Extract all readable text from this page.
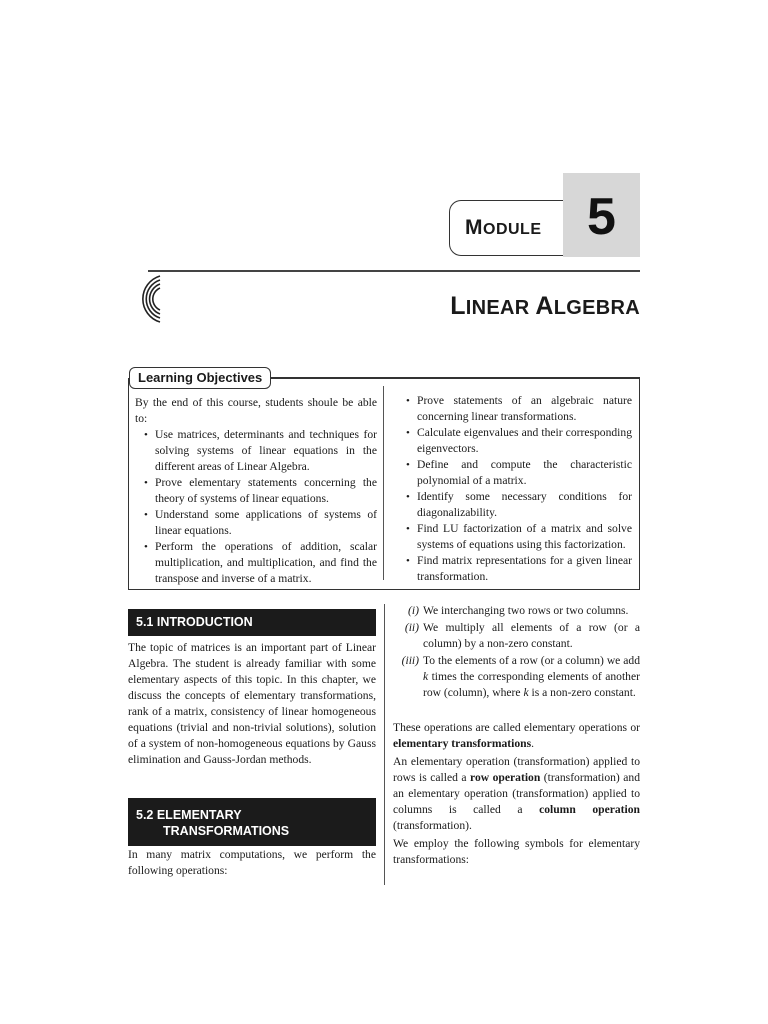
MODULE 5
LINEAR ALGEBRA
Learning Objectives

By the end of this course, students shoule be able to:

• Use matrices, determinants and techniques for solving systems of linear equations in the different areas of Linear Algebra.
• Prove elementary statements concerning the theory of systems of linear equations.
• Understand some applications of systems of linear equations.
• Perform the operations of addition, scalar multiplication, and multiplication, and find the transpose and inverse of a matrix.
• Prove statements of an algebraic nature concerning linear transformations.
• Calculate eigenvalues and their corresponding eigenvectors.
• Define and compute the characteristic polynomial of a matrix.
• Identify some necessary conditions for diagonalizability.
• Find LU factorization of a matrix and solve systems of equations using this factorization.
• Find matrix representations for a given linear transformation.
5.1 INTRODUCTION

The topic of matrices is an important part of Linear Algebra. The student is already familiar with some elementary aspects of this topic. In this chapter, we discuss the concepts of elementary transformations, rank of a matrix, consistency of linear homogeneous equations (trivial and non-trivial solutions), solution of a system of non-homogeneous equations by Gauss elimination and Gauss-Jordan methods.

5.2 ELEMENTARY
TRANSFORMATIONS

In many matrix computations, we perform the following operations:

(i) We interchanging two rows or two columns.
(ii) We multiply all elements of a row (or a column) by a non-zero constant.
(iii) To the elements of a row (or a column) we add k times the corresponding elements of another row (column), where k is a non-zero constant.

These operations are called elementary operations or elementary transformations.

An elementary operation (transformation) applied to rows is called a row operation (transformation) and an elementary operation (transformation) applied to columns is called a column operation (transformation).

We employ the following symbols for elementary transformations:
